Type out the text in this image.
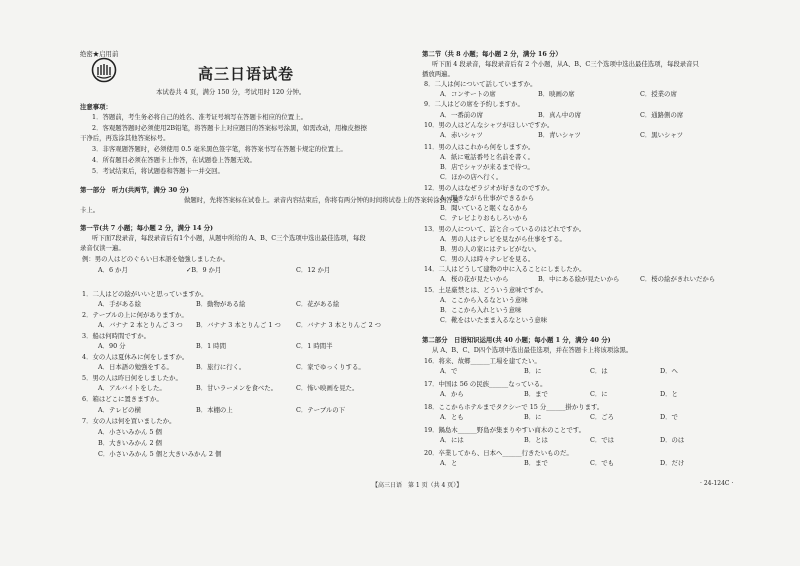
绝密★启用前
高三日语试卷
本试卷共 4 页，满分 150 分，考试用时 120 分钟。
注意事项：
1．答题前，考生务必将自己的姓名、准考证号填写在答题卡相应的位置上。
2．客观题答题时必须使用2B铅笔，将答题卡上对应题目的答案标号涂黑，如需改动，用橡皮擦擦
干净后，再选涂其他答案标号。
3．非客观题答题时，必须使用 0.5 毫米黑色签字笔，将答案书写在答题卡规定的位置上。
4．所有题目必须在答题卡上作答，在试题卷上答题无效。
5．考试结束后，将试题卷和答题卡一并交回。
第一部分　听力(共两节，满分 30 分)
做题时，先将答案标在试卷上。录音内容结束后，你将有两分钟的时间将试卷上的答案转涂到答题
卡上。
第一节(共 7 小题；每小题 2 分，满分 14 分)
听下面7段录音，每段录音后有1个小题，从题中所给的 A、B、C三个选项中选出最佳选项，每段
录音仅读一遍。
例：男の人はどのぐらい日本語を勉強しましたか。
A．6 か月	✓B．9 か月	C．12 か月
1．二人はどの絵がいいと思っていますか。
A．手がある絵	B．動物がある絵	C．花がある絵
2．テーブルの上に何がありますか。
A．バナナ 2 本とりんご 3 つ B．バナナ 3 本とりんご 1 つ C．バナナ 3 本とりんご 2 つ
3．船は何時間ですか。
A．90 分	B．1 時間	C．1 時間半
4．女の人は夏休みに何をしますか。
A．日本語の勉強をする。	B．旅行に行く。	C．家でゆっくりする。
5．男の人は昨日何をしましたか。
A．アルバイトをした。	B．甘いラーメンを食べた。	C．怖い映画を見た。
6．箱はどこに置きますか。
A．テレビの横	B．本棚の上	C．テーブルの下
7．女の人は何を買いましたか。
A．小さいみかん 5 個
B．大きいみかん 2 個
C．小さいみかん 5 個と大きいみかん 2 個
第二节（共 8 小题；每小题 2 分，满分 16 分）
听下面 4 段录音，每段录音后有 2 个小题，从A、B、C三个选项中选出最佳选项，每段录音只
播放两遍。
8．二人は何について話していますか。
A．コンサートの席	B．映画の席	C．授業の席
9．二人はどの席を予約しますか。
A．一番前の席	B．真ん中の席	C．通路側の席
10．男の人はどんなシャツがほしいですか。
A．赤いシャツ	B．青いシャツ	C．黒いシャツ
11．男の人はこれから何をしますか。
A．紙に電話番号と名前を書く。
B．店でシャツが来るまで待つ。
C．ほかの店へ行く。
12．男の人はなぜラジオが好きなのですか。
A．聞きながら仕事ができるから
B．聞いていると眠くなるから
C．テレビよりおもしろいから
13．男の人について、話と合っているのはどれですか。
A．男の人はテレビを見ながら仕事をする。
B．男の人の家にはテレビがない。
C．男の人は時々テレビを見る。
14．二人はどうして建物の中に入ることにしましたか。
A．桜の花が見たいから	B．中にある絵が見たいから	C．桜の絵がきれいだから
15．土足厳禁とは、どういう意味ですか。
A．ここから入るなという意味
B．ここから入れという意味
C．靴をはいたまま入るなという意味
第二部分　日语知识运用(共 40 小题；每小题 1 分，满分 40 分)
从 A、B、C、D四个选项中选出最佳选项，并在答题卡上将该项涂黑。
16．将来、故郷______工場を建てたい。
A．で	B．に	C．は	D．へ
17．中国は 56 の民族______なっている。
A．から	B．まで	C．に	D．と
18．ここからホテルまでタクシーで 15 分______掛かります。
A．とも	B．に	C．ごろ	D．で
19．鍋島木______野島が集まりやすい商木のことです。
A．には	B．とは	C．では	D．のは
20．卒業してから、日本へ______行きたいものだ。
A．と	B．まで	C．でも	D．だけ
【高三日语　第 1 页（共 4 页）】	· 24-124C ·
